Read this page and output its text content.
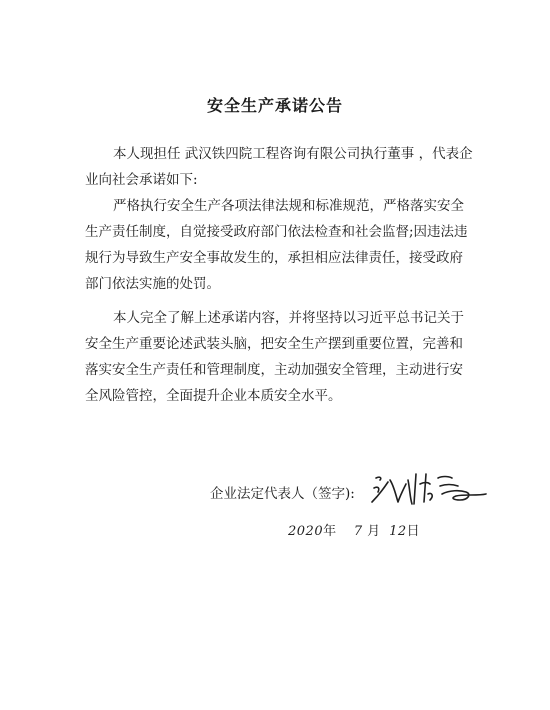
安全生产承诺公告

本人现担任 武汉铁四院工程咨询有限公司执行董事 ，代表企业向社会承诺如下:

严格执行安全生产各项法律法规和标准规范，严格落实安全生产责任制度，自觉接受政府部门依法检查和社会监督;因违法违规行为导致生产安全事故发生的，承担相应法律责任，接受政府部门依法实施的处罚。

本人完全了解上述承诺内容，并将坚持以习近平总书记关于安全生产重要论述武装头脑，把安全生产摆到重要位置，完善和落实安全生产责任和管理制度，主动加强安全管理，主动进行安全风险管控，全面提升企业本质安全水平。

企业法定代表人（签字):
2020年 7 月 12日
